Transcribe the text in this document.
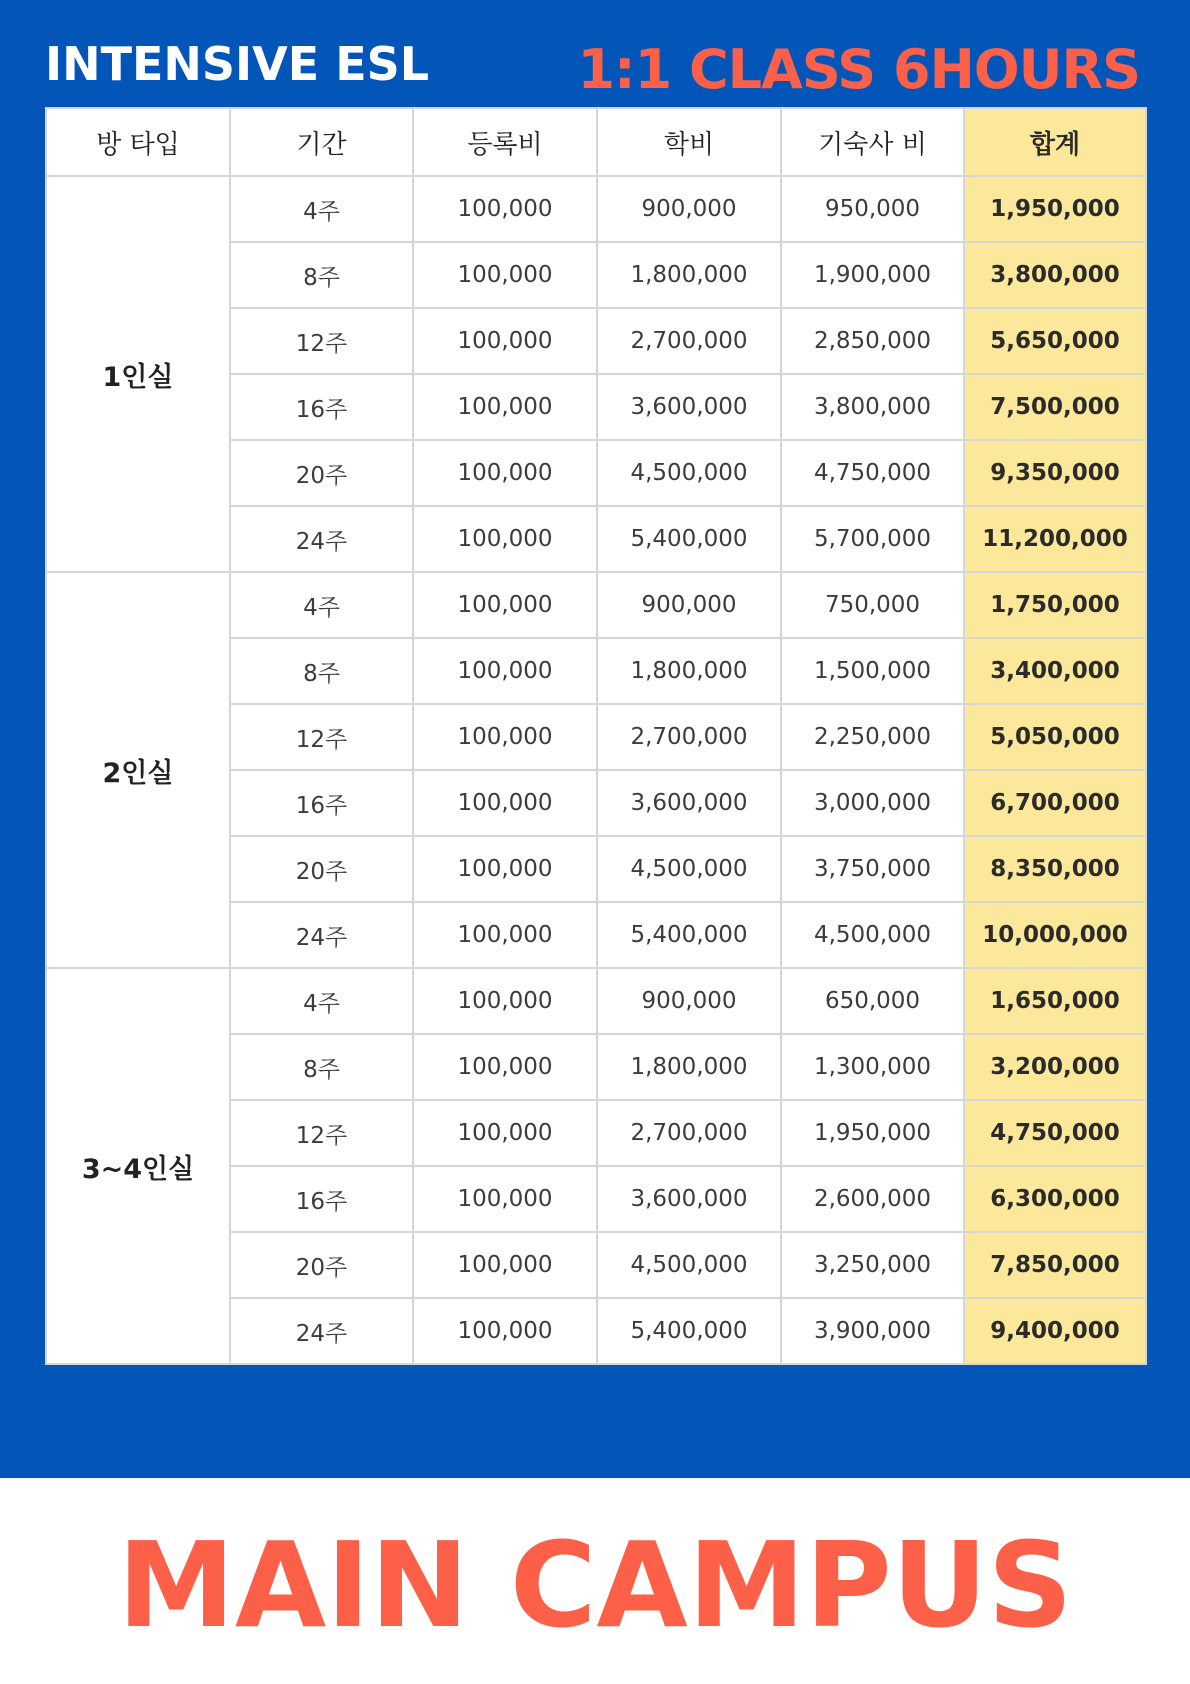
INTENSIVE ESL	1:1 CLASS 6HOURS
방 타입	기간	등록비	학비	기숙사 비	합계
1인실	4주	100,000	900,000	950,000	1,950,000
	8주	100,000	1,800,000	1,900,000	3,800,000
	12주	100,000	2,700,000	2,850,000	5,650,000
	16주	100,000	3,600,000	3,800,000	7,500,000
	20주	100,000	4,500,000	4,750,000	9,350,000
	24주	100,000	5,400,000	5,700,000	11,200,000
2인실	4주	100,000	900,000	750,000	1,750,000
	8주	100,000	1,800,000	1,500,000	3,400,000
	12주	100,000	2,700,000	2,250,000	5,050,000
	16주	100,000	3,600,000	3,000,000	6,700,000
	20주	100,000	4,500,000	3,750,000	8,350,000
	24주	100,000	5,400,000	4,500,000	10,000,000
3~4인실	4주	100,000	900,000	650,000	1,650,000
	8주	100,000	1,800,000	1,300,000	3,200,000
	12주	100,000	2,700,000	1,950,000	4,750,000
	16주	100,000	3,600,000	2,600,000	6,300,000
	20주	100,000	4,500,000	3,250,000	7,850,000
	24주	100,000	5,400,000	3,900,000	9,400,000
MAIN CAMPUS
